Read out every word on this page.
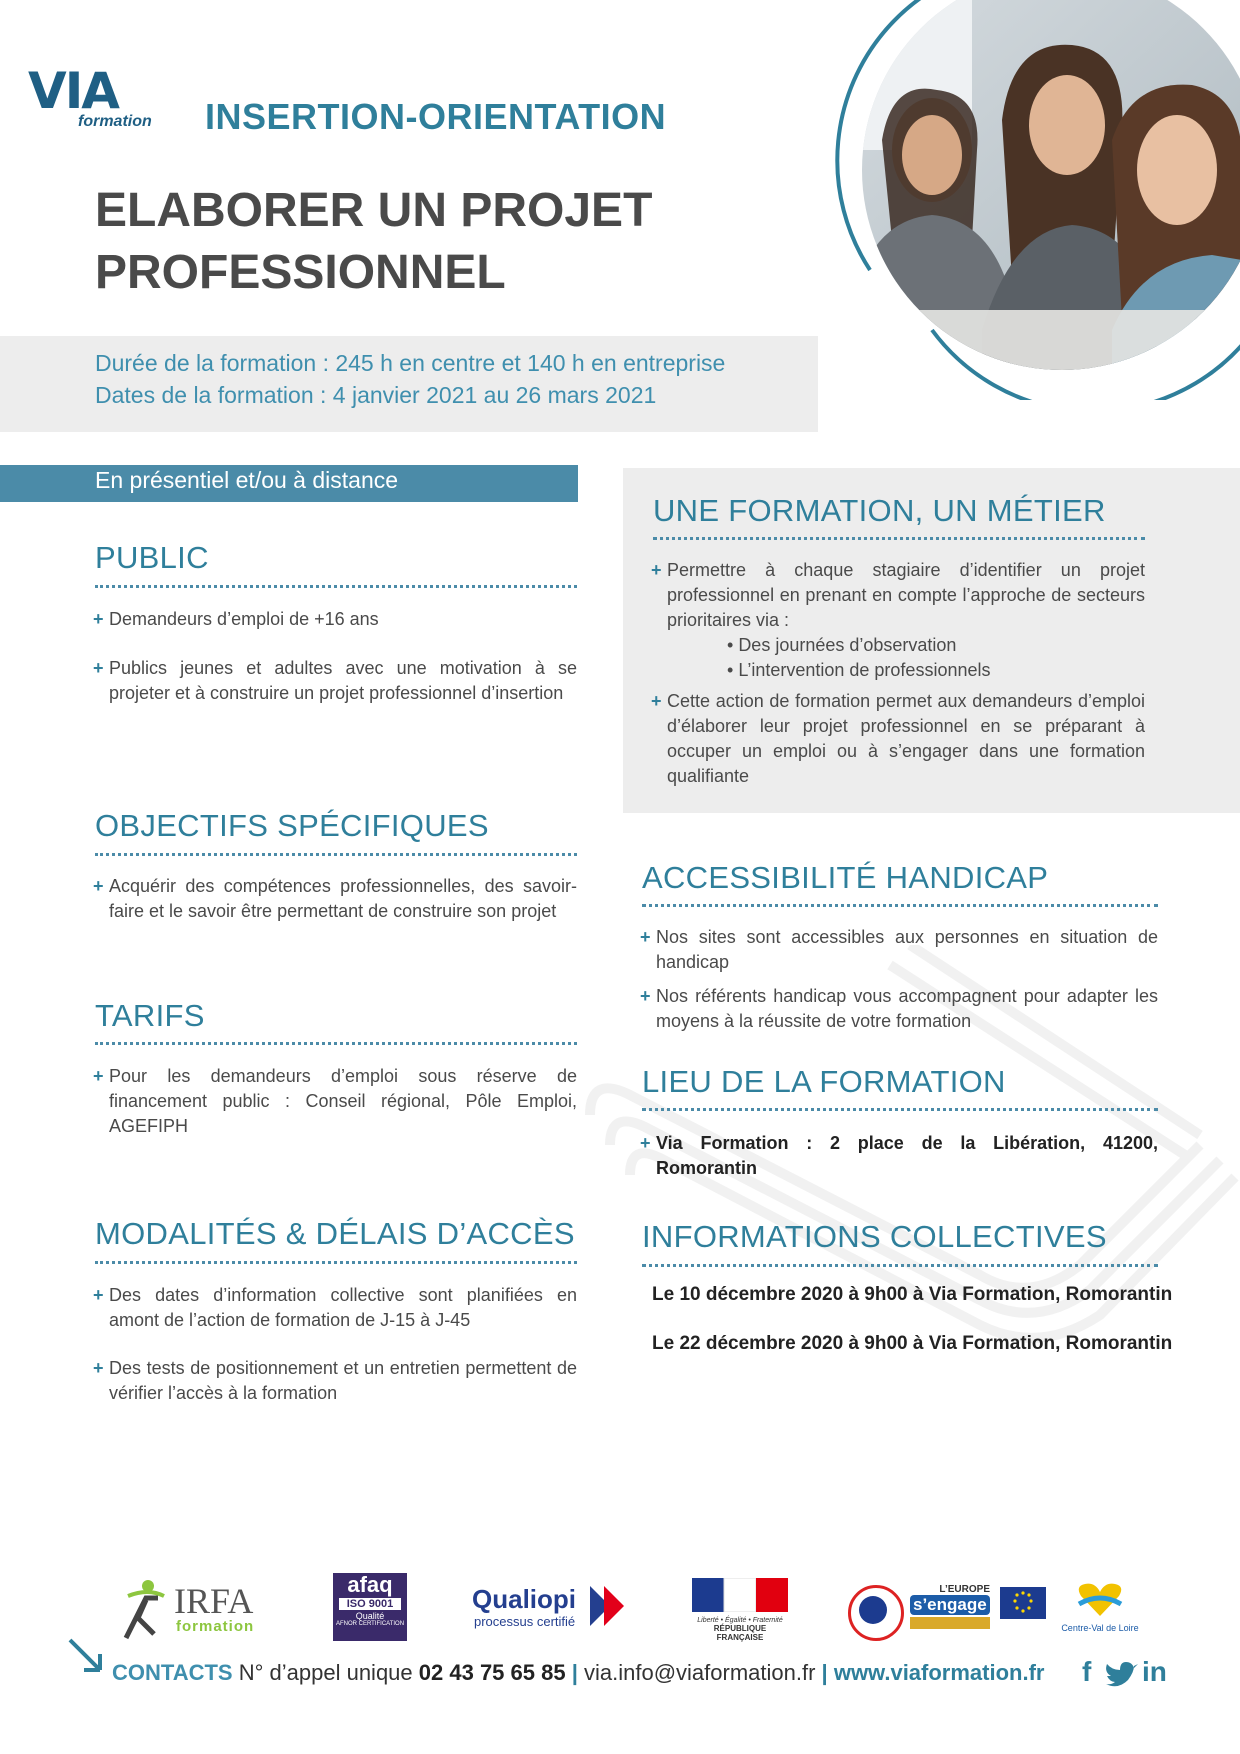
VIA
formation INSERTION-ORIENTATION
ELABORER UN PROJET
PROFESSIONNEL
Durée de la formation : 245 h en centre et 140 h en entreprise
Dates de la formation : 4 janvier 2021 au 26 mars 2021
En présentiel et/ou à distance
PUBLIC
+ Demandeurs d’emploi de +16 ans
+ Publics jeunes et adultes avec une motivation à se projeter et à construire un projet professionnel d’insertion
OBJECTIFS SPÉCIFIQUES
+ Acquérir des compétences professionnelles, des savoir-faire et le savoir être permettant de construire son projet
TARIFS
+ Pour les demandeurs d’emploi sous réserve de financement public : Conseil régional, Pôle Emploi, AGEFIPH
MODALITÉS & DÉLAIS D’ACCÈS
+ Des dates d’information collective sont planifiées en amont de l’action de formation de J-15 à J-45
+ Des tests de positionnement et un entretien permettent de vérifier l’accès à la formation
UNE FORMATION, UN MÉTIER
+ Permettre à chaque stagiaire d’identifier un projet professionnel en prenant en compte l’approche de secteurs prioritaires via :
• Des journées d’observation
• L’intervention de professionnels
+ Cette action de formation permet aux demandeurs d’emploi d’élaborer leur projet professionnel en se préparant à occuper un emploi ou à s’engager dans une formation qualifiante
ACCESSIBILITÉ HANDICAP
+ Nos sites sont accessibles aux personnes en situation de handicap
+ Nos référents handicap vous accompagnent pour adapter les moyens à la réussite de votre formation
LIEU DE LA FORMATION
+ Via Formation : 2 place de la Libération, 41200, Romorantin
INFORMATIONS COLLECTIVES
Le 10 décembre 2020 à 9h00 à Via Formation, Romorantin
Le 22 décembre 2020 à 9h00 à Via Formation, Romorantin
IRFA
formation
afaq
ISO 9001
Qualité
AFNOR CERTIFICATION
Qualiopi
processus certifié	Liberté • Égalité • Fraternité
RÉPUBLIQUE FRANÇAISE
L’EUROPE
s’engage
Centre-Val de Loire
CONTACTS N° d’appel unique 02 43 75 65 85 | via.info@viaformation.fr | www.viaformation.fr f in
